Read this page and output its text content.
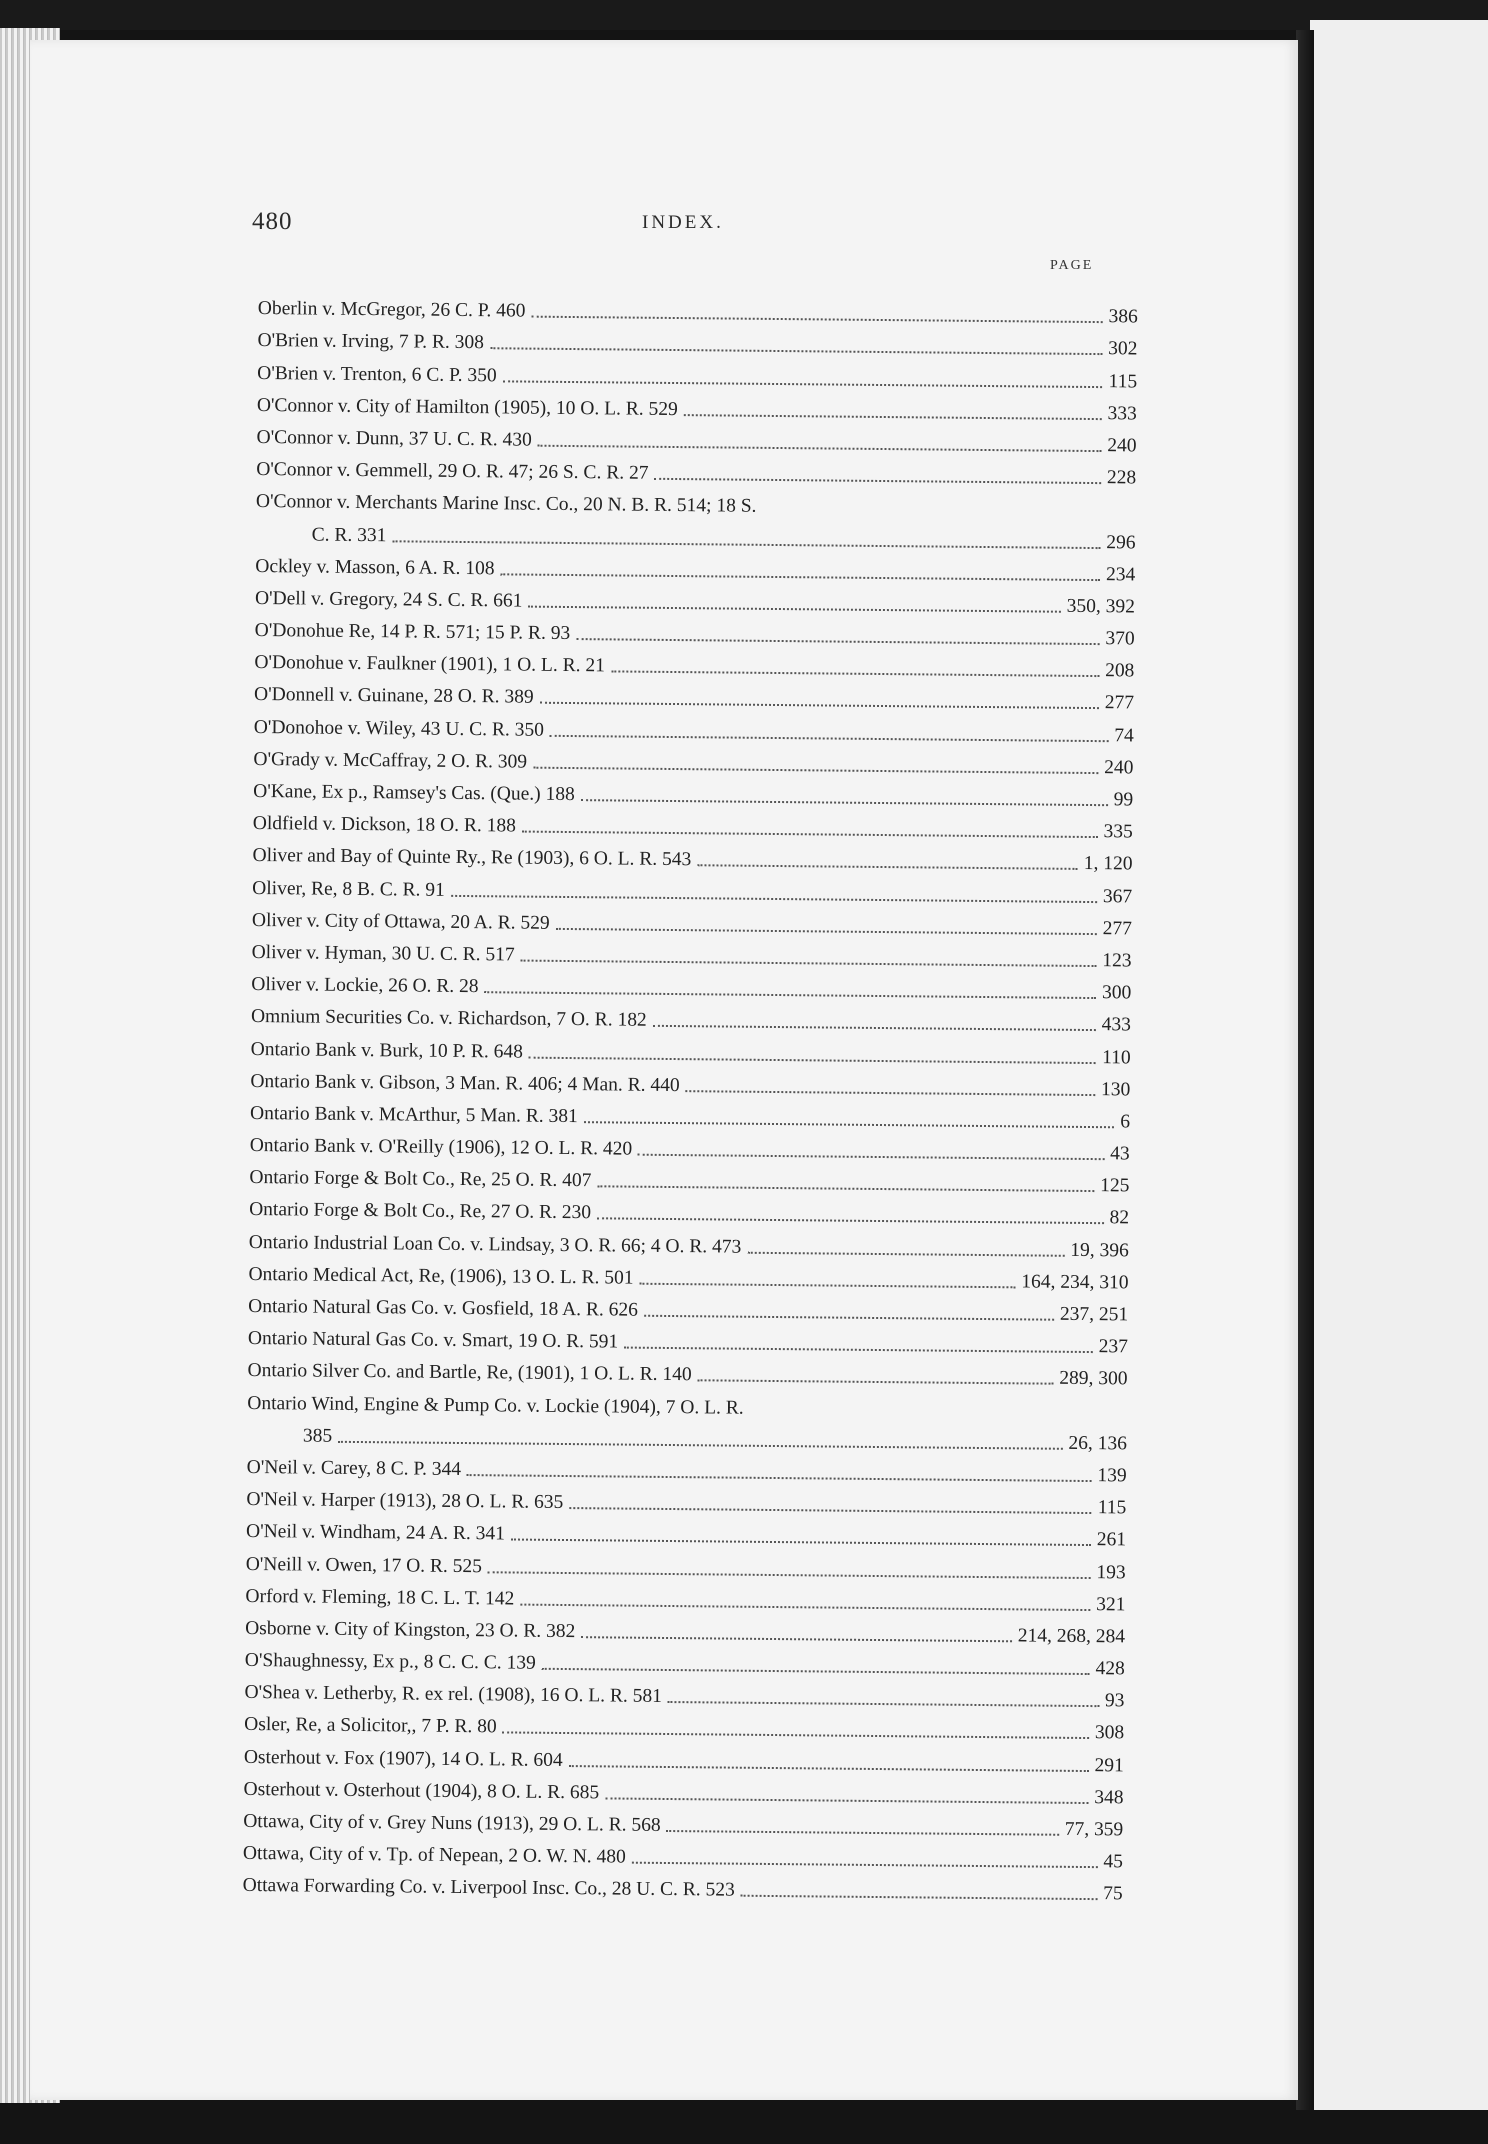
480	INDEX.
PAGE
Oberlin v. McGregor, 26 C. P. 460	386
O'Brien v. Irving, 7 P. R. 308	302
O'Brien v. Trenton, 6 C. P. 350	115
O'Connor v. City of Hamilton (1905), 10 O. L. R. 529	333
O'Connor v. Dunn, 37 U. C. R. 430	240
O'Connor v. Gemmell, 29 O. R. 47; 26 S. C. R. 27	228
O'Connor v. Merchants Marine Insc. Co., 20 N. B. R. 514; 18 S.
C. R. 331	296
Ockley v. Masson, 6 A. R. 108	234
O'Dell v. Gregory, 24 S. C. R. 661	350, 392
O'Donohue Re, 14 P. R. 571; 15 P. R. 93	370
O'Donohue v. Faulkner (1901), 1 O. L. R. 21	208
O'Donnell v. Guinane, 28 O. R. 389	277
O'Donohoe v. Wiley, 43 U. C. R. 350	74
O'Grady v. McCaffray, 2 O. R. 309	240
O'Kane, Ex p., Ramsey's Cas. (Que.) 188	99
Oldfield v. Dickson, 18 O. R. 188	335
Oliver and Bay of Quinte Ry., Re (1903), 6 O. L. R. 543	1, 120
Oliver, Re, 8 B. C. R. 91	367
Oliver v. City of Ottawa, 20 A. R. 529	277
Oliver v. Hyman, 30 U. C. R. 517	123
Oliver v. Lockie, 26 O. R. 28	300
Omnium Securities Co. v. Richardson, 7 O. R. 182	433
Ontario Bank v. Burk, 10 P. R. 648	110
Ontario Bank v. Gibson, 3 Man. R. 406; 4 Man. R. 440	130
Ontario Bank v. McArthur, 5 Man. R. 381	6
Ontario Bank v. O'Reilly (1906), 12 O. L. R. 420	43
Ontario Forge & Bolt Co., Re, 25 O. R. 407	125
Ontario Forge & Bolt Co., Re, 27 O. R. 230	82
Ontario Industrial Loan Co. v. Lindsay, 3 O. R. 66; 4 O. R. 473	19, 396
Ontario Medical Act, Re, (1906), 13 O. L. R. 501	164, 234, 310
Ontario Natural Gas Co. v. Gosfield, 18 A. R. 626	237, 251
Ontario Natural Gas Co. v. Smart, 19 O. R. 591	237
Ontario Silver Co. and Bartle, Re, (1901), 1 O. L. R. 140	289, 300
Ontario Wind, Engine & Pump Co. v. Lockie (1904), 7 O. L. R.
385	26, 136
O'Neil v. Carey, 8 C. P. 344	139
O'Neil v. Harper (1913), 28 O. L. R. 635	115
O'Neil v. Windham, 24 A. R. 341	261
O'Neill v. Owen, 17 O. R. 525	193
Orford v. Fleming, 18 C. L. T. 142	321
Osborne v. City of Kingston, 23 O. R. 382	214, 268, 284
O'Shaughnessy, Ex p., 8 C. C. C. 139	428
O'Shea v. Letherby, R. ex rel. (1908), 16 O. L. R. 581	93
Osler, Re, a Solicitor,, 7 P. R. 80	308
Osterhout v. Fox (1907), 14 O. L. R. 604	291
Osterhout v. Osterhout (1904), 8 O. L. R. 685	348
Ottawa, City of v. Grey Nuns (1913), 29 O. L. R. 568	77, 359
Ottawa, City of v. Tp. of Nepean, 2 O. W. N. 480	45
Ottawa Forwarding Co. v. Liverpool Insc. Co., 28 U. C. R. 523	75
